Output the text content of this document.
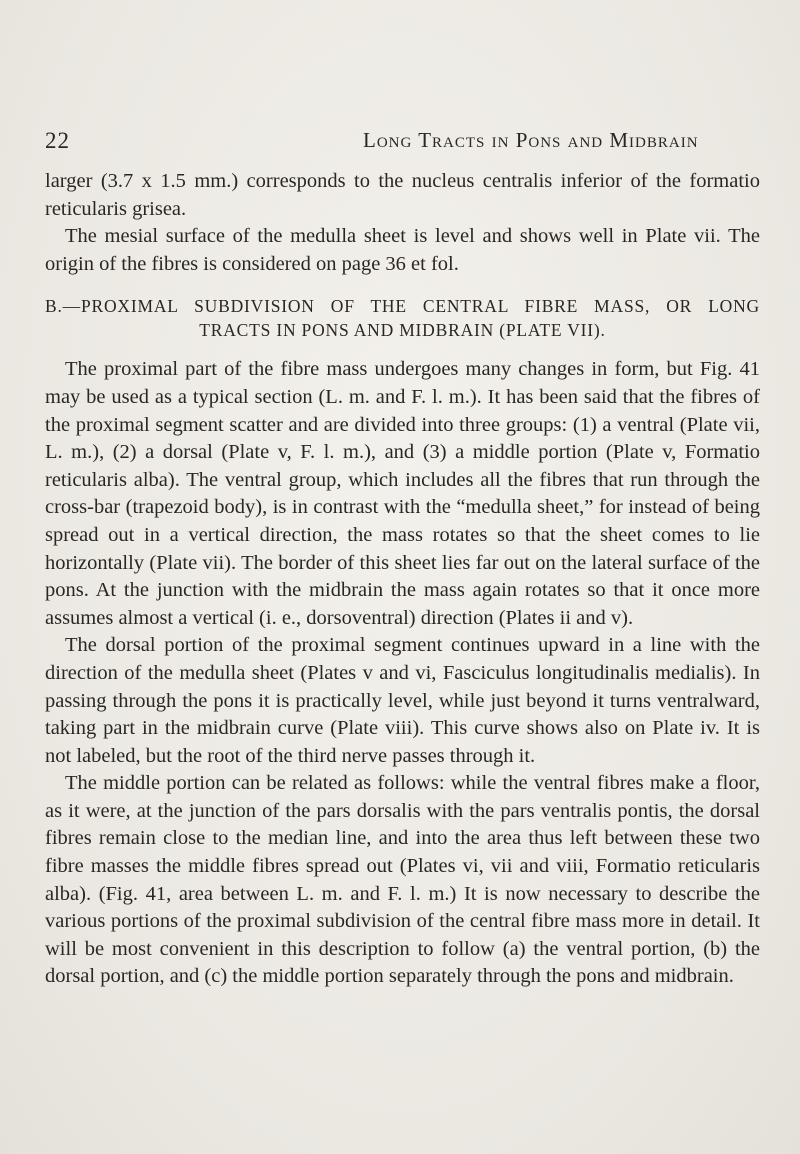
22	Long Tracts in Pons and Midbrain

larger (3.7 x 1.5 mm.) corresponds to the nucleus centralis inferior of the formatio reticularis grisea.

The mesial surface of the medulla sheet is level and shows well in Plate vii. The origin of the fibres is considered on page 36 et fol.

B.—PROXIMAL SUBDIVISION OF THE CENTRAL FIBRE MASS, OR LONG
TRACTS IN PONS AND MIDBRAIN (PLATE VII).

The proximal part of the fibre mass undergoes many changes in form, but Fig. 41 may be used as a typical section (L. m. and F. l. m.). It has been said that the fibres of the proximal segment scatter and are divided into three groups: (1) a ventral (Plate vii, L. m.), (2) a dorsal (Plate v, F. l. m.), and (3) a middle portion (Plate v, Formatio reticularis alba). The ventral group, which includes all the fibres that run through the cross-bar (trapezoid body), is in contrast with the “medulla sheet,” for instead of being spread out in a vertical direction, the mass rotates so that the sheet comes to lie horizontally (Plate vii). The border of this sheet lies far out on the lateral surface of the pons. At the junction with the midbrain the mass again rotates so that it once more assumes almost a vertical (i. e., dorsoventral) direction (Plates ii and v).

The dorsal portion of the proximal segment continues upward in a line with the direction of the medulla sheet (Plates v and vi, Fasciculus longitudinalis medialis). In passing through the pons it is practically level, while just beyond it turns ventralward, taking part in the midbrain curve (Plate viii). This curve shows also on Plate iv. It is not labeled, but the root of the third nerve passes through it.

The middle portion can be related as follows: while the ventral fibres make a floor, as it were, at the junction of the pars dorsalis with the pars ventralis pontis, the dorsal fibres remain close to the median line, and into the area thus left between these two fibre masses the middle fibres spread out (Plates vi, vii and viii, Formatio reticularis alba). (Fig. 41, area between L. m. and F. l. m.) It is now necessary to describe the various portions of the proximal subdivision of the central fibre mass more in detail. It will be most convenient in this description to follow (a) the ventral portion, (b) the dorsal portion, and (c) the middle portion separately through the pons and midbrain.
